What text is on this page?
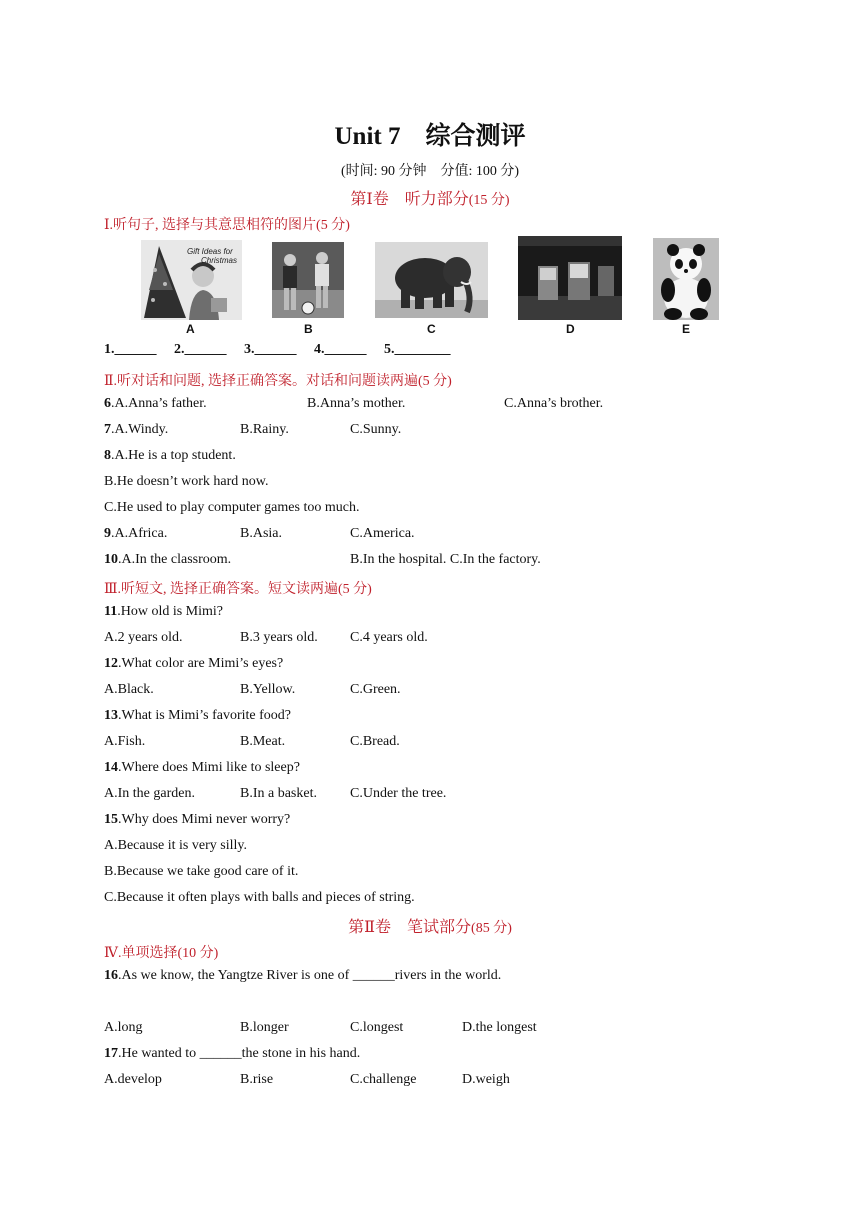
Unit 7　综合测评
(时间: 90 分钟　分值: 100 分)
第Ⅰ卷　听力部分(15 分)
Ⅰ.听句子, 选择与其意思相符的图片(5 分)
Gift Ideas for
Christmas
A	B	C	D	E
1.______ 2.______ 3.______ 4.______ 5.________
Ⅱ.听对话和问题, 选择正确答案。对话和问题读两遍(5 分)
6.A.Anna’s father.	B.Anna’s mother.	C.Anna’s brother.
7.A.Windy.	B.Rainy.	C.Sunny.
8.A.He is a top student.
B.He doesn’t work hard now.
C.He used to play computer games too much.
9.A.Africa.	B.Asia.	C.America.
10.A.In the classroom.	B.In the hospital. C.In the factory.
Ⅲ.听短文, 选择正确答案。短文读两遍(5 分)
11.How old is Mimi?
A.2 years old.	B.3 years old. C.4 years old.
12.What color are Mimi’s eyes?
A.Black.	B.Yellow.	C.Green.
13.What is Mimi’s favorite food?
A.Fish.	B.Meat.	C.Bread.
14.Where does Mimi like to sleep?
A.In the garden.	B.In a basket. C.Under the tree.
15.Why does Mimi never worry?
A.Because it is very silly.
B.Because we take good care of it.
C.Because it often plays with balls and pieces of string.
第Ⅱ卷　笔试部分(85 分)
Ⅳ.单项选择(10 分)
16.As we know, the Yangtze River is one of ______rivers in the world.
A.long	B.longer	C.longest	D.the longest
17.He wanted to ______the stone in his hand.
A.develop	B.rise	C.challenge	D.weigh
